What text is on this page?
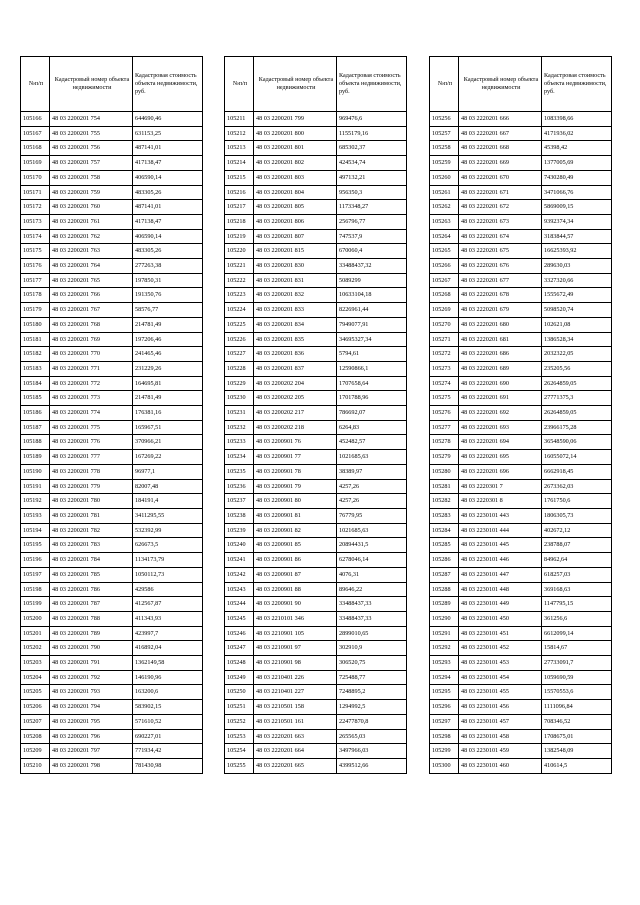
№п/п	Кадастровый номер объекта недвижимости	Кадастровая стоимость объекта недвижимости, руб.
105166	48 03 2200201 754	644690,46
105167	48 03 2200201 755	631153,25
105168	48 03 2200201 756	487141,01
105169	48 03 2200201 757	417138,47
105170	48 03 2200201 758	406590,14
105171	48 03 2200201 759	483305,26
105172	48 03 2200201 760	487141,01
105173	48 03 2200201 761	417138,47
105174	48 03 2200201 762	406590,14
105175	48 03 2200201 763	483305,26
105176	48 03 2200201 764	277263,38
105177	48 03 2200201 765	197850,31
105178	48 03 2200201 766	191350,76
105179	48 03 2200201 767	58576,77
105180	48 03 2200201 768	214781,49
105181	48 03 2200201 769	197206,46
105182	48 03 2200201 770	241465,46
105183	48 03 2200201 771	231229,26
105184	48 03 2200201 772	164695,81
105185	48 03 2200201 773	214781,49
105186	48 03 2200201 774	176381,16
105187	48 03 2200201 775	165967,51
105188	48 03 2200201 776	370966,21
105189	48 03 2200201 777	167269,22
105190	48 03 2200201 778	96977,1
105191	48 03 2200201 779	82007,48
105192	48 03 2200201 780	184191,4
105193	48 03 2200201 781	3411295,55
105194	48 03 2200201 782	532392,99
105195	48 03 2200201 783	626673,5
105196	48 03 2200201 784	1134173,79
105197	48 03 2200201 785	1050112,73
105198	48 03 2200201 786	429586
105199	48 03 2200201 787	412567,87
105200	48 03 2200201 788	411343,93
105201	48 03 2200201 789	423997,7
105202	48 03 2200201 790	416892,04
105203	48 03 2200201 791	1362149,58
105204	48 03 2200201 792	146190,96
105205	48 03 2200201 793	163200,6
105206	48 03 2200201 794	583902,15
105207	48 03 2200201 795	571610,52
105208	48 03 2200201 796	690227,01
105209	48 03 2200201 797	771934,42
105210	48 03 2200201 798	781430,98
№п/п	Кадастровый номер объекта недвижимости	Кадастровая стоимость объекта недвижимости, руб.
105211	48 03 2200201 799	969476,6
105212	48 03 2200201 800	1155179,16
105213	48 03 2200201 801	685302,37
105214	48 03 2200201 802	424534,74
105215	48 03 2200201 803	497132,21
105216	48 03 2200201 804	956350,3
105217	48 03 2200201 805	1173348,27
105218	48 03 2200201 806	256796,77
105219	48 03 2200201 807	747537,9
105220	48 03 2200201 815	670060,4
105221	48 03 2200201 830	33488437,32
105222	48 03 2200201 831	5089299
105223	48 03 2200201 832	10633104,18
105224	48 03 2200201 833	8226961,44
105225	48 03 2200201 834	7949077,91
105226	48 03 2200201 835	34695327,34
105227	48 03 2200201 836	5794,61
105228	48 03 2200201 837	12590866,1
105229	48 03 2200202 204	1707658,64
105230	48 03 2200202 205	1701788,96
105231	48 03 2200202 217	786692,07
105232	48 03 2200202 218	6264,83
105233	48 03 2200901 76	452482,57
105234	48 03 2200901 77	1021685,63
105235	48 03 2200901 78	38389,97
105236	48 03 2200901 79	4257,26
105237	48 03 2200901 80	4257,26
105238	48 03 2200901 81	76779,95
105239	48 03 2200901 82	1021685,63
105240	48 03 2200901 85	20894431,5
105241	48 03 2200901 86	6278046,14
105242	48 03 2200901 87	4076,31
105243	48 03 2200901 88	89646,22
105244	48 03 2200901 90	33488437,33
105245	48 03 2210101 346	33488437,33
105246	48 03 2210901 105	2899010,65
105247	48 03 2210901 97	302910,9
105248	48 03 2210901 98	306520,75
105249	48 03 2210401 226	725488,77
105250	48 03 2210401 227	7248895,2
105251	48 03 2210501 158	1294992,5
105252	48 03 2210501 161	22477870,8
105253	48 03 2220201 663	265565,03
105254	48 03 2220201 664	3497966,03
105255	48 03 2220201 665	4399512,66
№п/п	Кадастровый номер объекта недвижимости	Кадастровая стоимость объекта недвижимости, руб.
105256	48 03 2220201 666	1083398,66
105257	48 03 2220201 667	4171936,02
105258	48 03 2220201 668	45398,42
105259	48 03 2220201 669	1377005,69
105260	48 03 2220201 670	7430280,49
105261	48 03 2220201 671	3471066,76
105262	48 03 2220201 672	5869009,15
105263	48 03 2220201 673	9392374,34
105264	48 03 2220201 674	3183844,57
105265	48 03 2220201 675	16625393,92
105266	48 03 2220201 676	289630,03
105267	48 03 2220201 677	3327320,66
105268	48 03 2220201 678	1555672,49
105269	48 03 2220201 679	5098520,74
105270	48 03 2220201 680	102621,08
105271	48 03 2220201 681	1386528,34
105272	48 03 2220201 686	2032322,05
105273	48 03 2220201 689	235205,56
105274	48 03 2220201 690	26264859,05
105275	48 03 2220201 691	27771375,3
105276	48 03 2220201 692	26264859,05
105277	48 03 2220201 693	23966175,28
105278	48 03 2220201 694	36548590,06
105279	48 03 2220201 695	16055072,14
105280	48 03 2220201 696	6662918,45
105281	48 03 2220301 7	2673362,03
105282	48 03 2220301 8	1761750,6
105283	48 03 2230101 443	1806305,73
105284	48 03 2230101 444	402672,12
105285	48 03 2230101 445	238788,07
105286	48 03 2230101 446	84962,64
105287	48 03 2230101 447	618257,03
105288	48 03 2230101 448	369168,63
105289	48 03 2230101 449	1147795,15
105290	48 03 2230101 450	361256,6
105291	48 03 2230101 451	6612099,14
105292	48 03 2230101 452	15814,67
105293	48 03 2230101 453	27733091,7
105294	48 03 2230101 454	1059690,59
105295	48 03 2230101 455	15570553,6
105296	48 03 2230101 456	1111096,84
105297	48 03 2230101 457	708346,52
105298	48 03 2230101 458	1708675,01
105299	48 03 2230101 459	1382548,09
105300	48 03 2230101 460	410614,5
